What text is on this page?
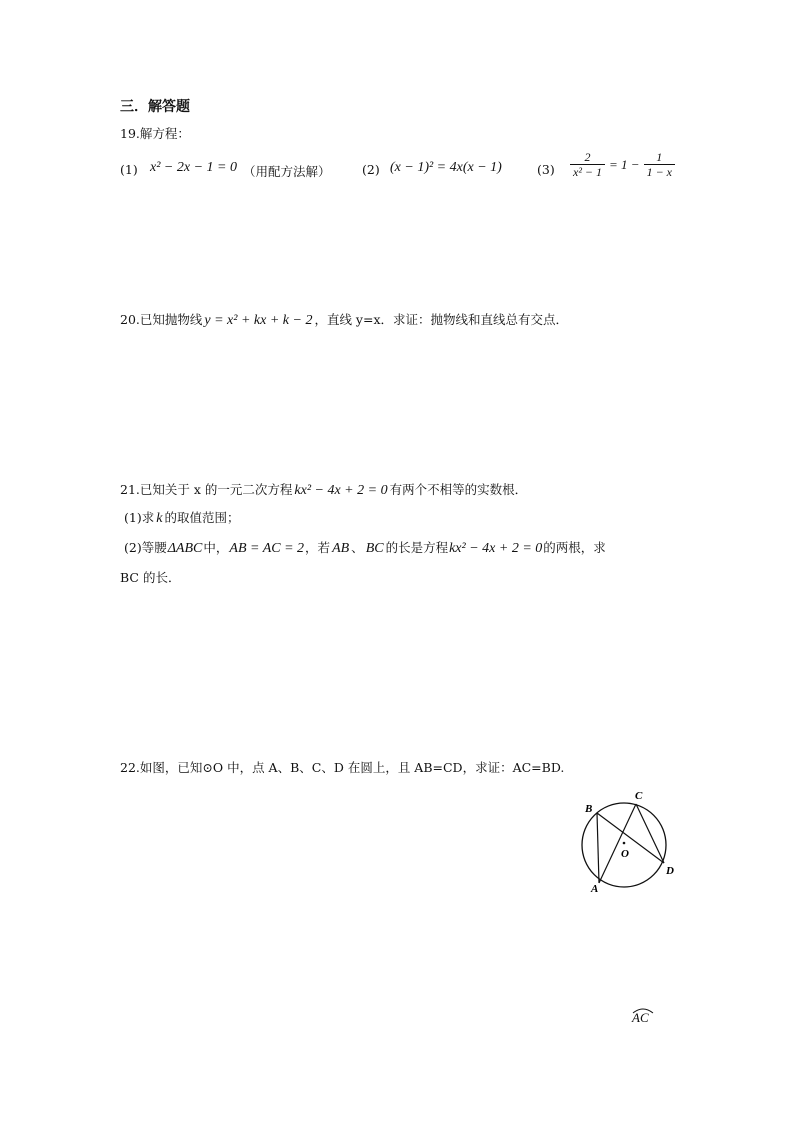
三．解答题
19.解方程：
(1) x² − 2x − 1 = 0 （用配方法解）	(2) (x − 1)² = 4x(x − 1)	$(3) \frac{2}{\text{x² − 1}} = 1 - \frac{1}{1 - x}$
20.已知抛物线 y = x² + kx + k − 2 ，直线 y=x．求证：抛物线和直线总有交点．
21.已知关于 x 的一元二次方程 kx² − 4x + 2 = 0 有两个不相等的实数根．
(1)求 k 的取值范围；
(2)等腰 ΔABC 中， AB = AC = 2 ，若 AB 、 BC 的长是方程 kx² − 4x + 2 = 0 的两根，求
BC 的长．
22.如图，已知⊙O 中，点 A、B、C、D 在圆上，且 AB=CD，求证：AC=BD.
B
C
O
D
A
AC
